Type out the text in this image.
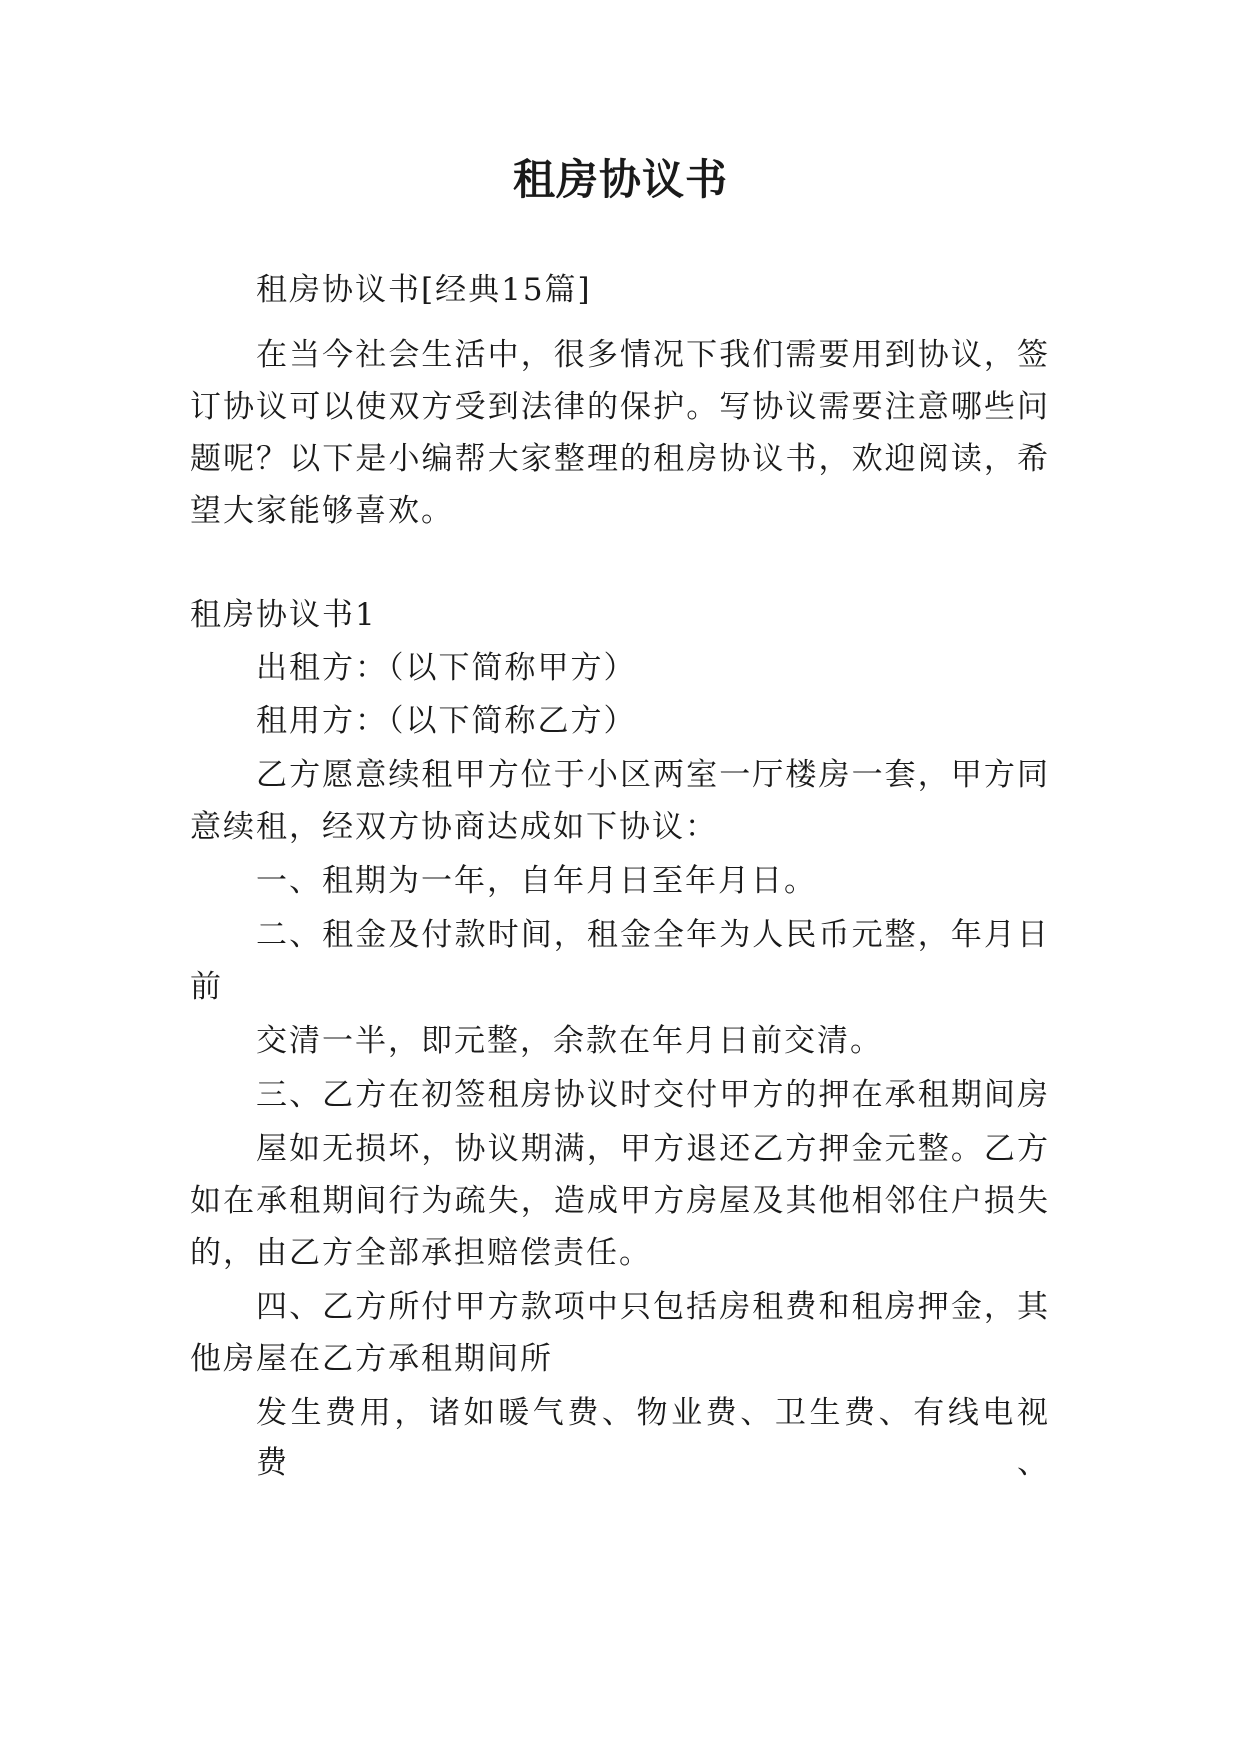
租房协议书
租房协议书[经典15篇]
在当今社会生活中，很多情况下我们需要用到协议，签
订协议可以使双方受到法律的保护。写协议需要注意哪些问
题呢？以下是小编帮大家整理的租房协议书，欢迎阅读，希
望大家能够喜欢。
租房协议书1
出租方：（以下简称甲方）
租用方：（以下简称乙方）
乙方愿意续租甲方位于小区两室一厅楼房一套，甲方同
意续租，经双方协商达成如下协议：
一、租期为一年，自年月日至年月日。
二、租金及付款时间，租金全年为人民币元整，年月日
前
交清一半，即元整，余款在年月日前交清。
三、乙方在初签租房协议时交付甲方的押在承租期间房
屋如无损坏，协议期满，甲方退还乙方押金元整。乙方
如在承租期间行为疏失，造成甲方房屋及其他相邻住户损失
的，由乙方全部承担赔偿责任。
四、乙方所付甲方款项中只包括房租费和租房押金，其
他房屋在乙方承租期间所
发生费用，诸如暖气费、物业费、卫生费、有线电视费、
